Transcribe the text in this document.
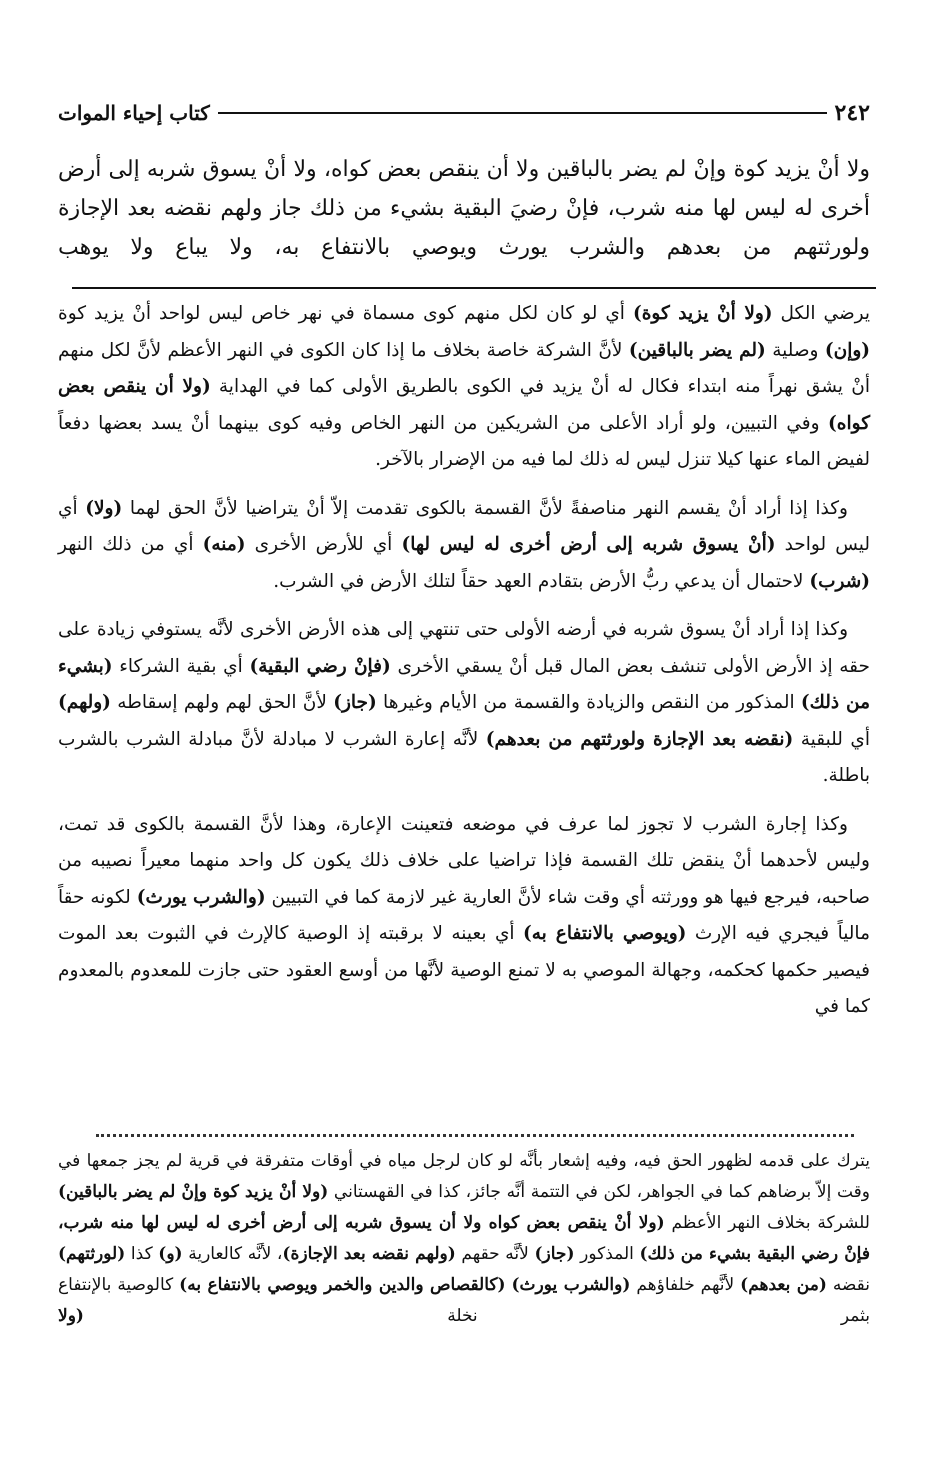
٢٤٢
كتاب إحياء الموات

ولا أنْ يزيد كوة وإنْ لم يضر بالباقين ولا أن ينقص بعض كواه، ولا أنْ يسوق شربه إلى أرض أخرى له ليس لها منه شرب، فإنْ رضيَ البقية بشيء من ذلك جاز ولهم نقضه بعد الإجازة ولورثتهم من بعدهم والشرب يورث ويوصي بالانتفاع به، ولا يباع ولا يوهب

يرضي الكل (ولا أنْ يزيد كوة) أي لو كان لكل منهم كوى مسماة في نهر خاص ليس لواحد أنْ يزيد كوة (وإن) وصلية (لم يضر بالباقين) لأنَّ الشركة خاصة بخلاف ما إذا كان الكوى في النهر الأعظم لأنَّ لكل منهم أنْ يشق نهراً منه ابتداء فكال له أنْ يزيد في الكوى بالطريق الأولى كما في الهداية (ولا أن ينقص بعض كواه) وفي التبيين، ولو أراد الأعلى من الشريكين من النهر الخاص وفيه كوى بينهما أنْ يسد بعضها دفعاً لفيض الماء عنها كيلا تنزل ليس له ذلك لما فيه من الإضرار بالآخر.

وكذا إذا أراد أنْ يقسم النهر مناصفةً لأنَّ القسمة بالكوى تقدمت إلاّ أنْ يتراضيا لأنَّ الحق لهما (ولا) أي ليس لواحد (أنْ يسوق شربه إلى أرض أخرى له ليس لها) أي للأرض الأخرى (منه) أي من ذلك النهر (شرب) لاحتمال أن يدعي ربُّ الأرض بتقادم العهد حقاً لتلك الأرض في الشرب.

وكذا إذا أراد أنْ يسوق شربه في أرضه الأولى حتى تنتهي إلى هذه الأرض الأخرى لأنَّه يستوفي زيادة على حقه إذ الأرض الأولى تنشف بعض المال قبل أنْ يسقي الأخرى (فإنْ رضي البقية) أي بقية الشركاء (بشيء من ذلك) المذكور من النقص والزيادة والقسمة من الأيام وغيرها (جاز) لأنَّ الحق لهم ولهم إسقاطه (ولهم) أي للبقية (نقضه بعد الإجازة ولورثتهم من بعدهم) لأنَّه إعارة الشرب لا مبادلة لأنَّ مبادلة الشرب بالشرب باطلة.

وكذا إجارة الشرب لا تجوز لما عرف في موضعه فتعينت الإعارة، وهذا لأنَّ القسمة بالكوى قد تمت، وليس لأحدهما أنْ ينقض تلك القسمة فإذا تراضيا على خلاف ذلك يكون كل واحد منهما معيراً نصيبه من صاحبه، فيرجع فيها هو وورثته أي وقت شاء لأنَّ العارية غير لازمة كما في التبيين (والشرب يورث) لكونه حقاً مالياً فيجري فيه الإرث (ويوصي بالانتفاع به) أي بعينه لا برقبته إذ الوصية كالإرث في الثبوت بعد الموت فيصير حكمها كحكمه، وجهالة الموصي به لا تمنع الوصية لأنَّها من أوسع العقود حتى جازت للمعدوم بالمعدوم كما في

يترك على قدمه لظهور الحق فيه، وفيه إشعار بأنَّه لو كان لرجل مياه في أوقات متفرقة في قرية لم يجز جمعها في وقت إلاّ برضاهم كما في الجواهر، لكن في التتمة أنَّه جائز، كذا في القهستاني (ولا أنْ يزيد كوة وإنْ لم يضر بالباقين) للشركة بخلاف النهر الأعظم (ولا أنْ ينقص بعض كواه ولا أن يسوق شربه إلى أرض أخرى له ليس لها منه شرب، فإنْ رضي البقية بشيء من ذلك) المذكور (جاز) لأنَّه حقهم (ولهم نقضه بعد الإجازة)، لأنَّه كالعارية (و) كذا (لورثتهم) نقضه (من بعدهم) لأنَّهم خلفاؤهم (والشرب يورث) (كالقصاص والدين والخمر ويوصي بالانتفاع به) كالوصية بالإنتفاع بثمر نخلة (ولا
